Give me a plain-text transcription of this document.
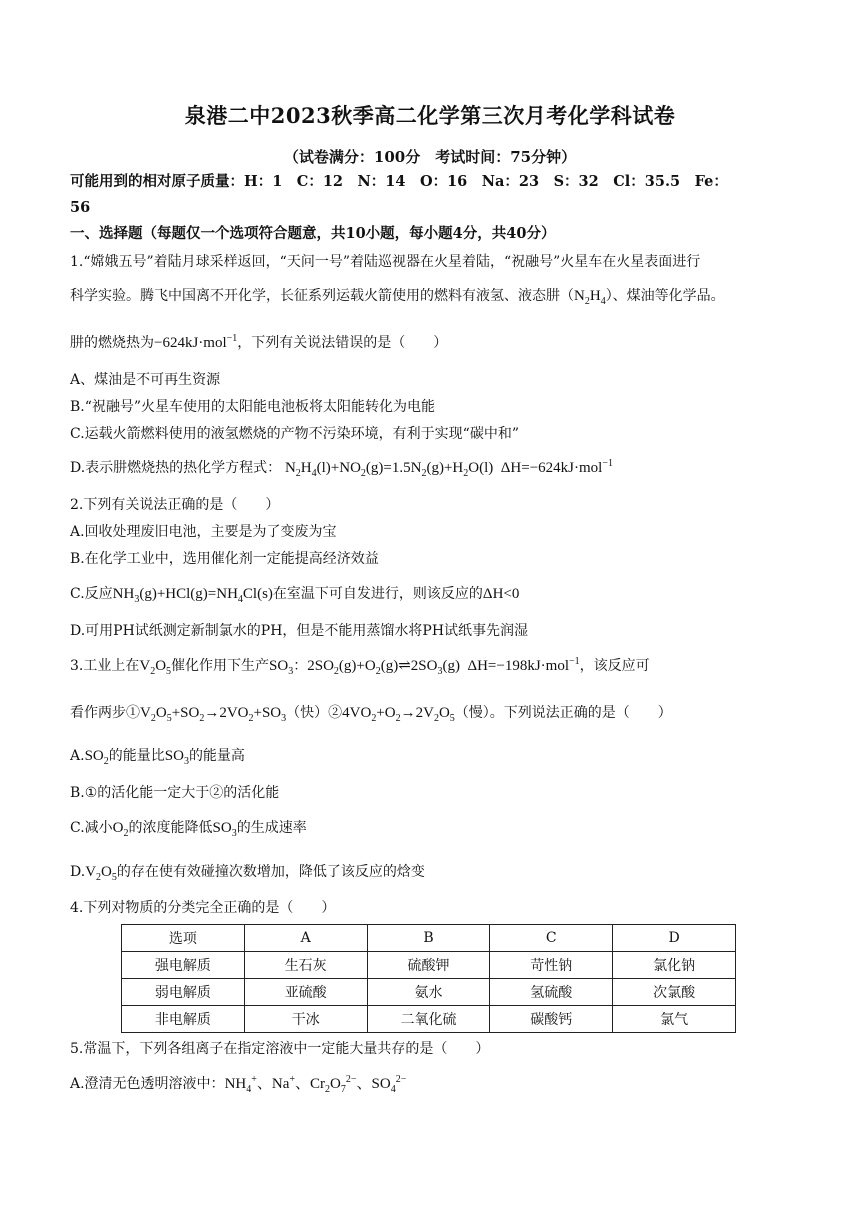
泉港二中2023秋季高二化学第三次月考化学科试卷
（试卷满分：100分　考试时间：75分钟）
可能用到的相对原子质量：H：1　C：12　N：14　O：16　Na：23　S：32　Cl：35.5　Fe：
56
一、选择题（每题仅一个选项符合题意，共10小题，每小题4分，共40分）
1.“嫦娥五号”着陆月球采样返回，“天问一号”着陆巡视器在火星着陆，“祝融号”火星车在火星表面进行
科学实验。腾飞中国离不开化学，长征系列运载火箭使用的燃料有液氢、液态肼$(N_2H_4)$、煤油等化学品。
肼的燃烧热为−624kJ·mol$^{-1}$，下列有关说法错误的是（　　）
A、煤油是不可再生资源
B.“祝融号”火星车使用的太阳能电池板将太阳能转化为电能
C.运载火箭燃料使用的液氢燃烧的产物不污染环境，有利于实现“碳中和”
D.表示肼燃烧热的热化学方程式： $N_2H_4(l)+NO_2(g)=1.5N_2(g)+H_2O(l)$  ΔH=−624kJ·mol$^{-1}$
2.下列有关说法正确的是（　　）
A.回收处理废旧电池，主要是为了变废为宝
B.在化学工业中，选用催化剂一定能提高经济效益
C.反应$NH_3(g)+HCl(g)=NH_4Cl(s)$在室温下可自发进行，则该反应的ΔH<0
D.可用PH试纸测定新制氯水的PH，但是不能用蒸馏水将PH试纸事先润湿
3.工业上在$V_2O_5$催化作用下生产$SO_3$：$2SO_2(g)+O_2(g)\rightleftharpoons 2SO_3(g)$  ΔH=−198kJ·mol$^{-1}$，该反应可
看作两步$①V_2O_5+SO_2\to 2VO_2+SO_3$（快）$②4VO_2+O_2\to 2V_2O_5$（慢）。下列说法正确的是（　　）
$A.SO_2$的能量比$SO_3$的能量高
B.①的活化能一定大于②的活化能
C.减小$O_2$的浓度能降低$SO_3$的生成速率
$D.V_2O_5$的存在使有效碰撞次数增加，降低了该反应的焓变
4.下列对物质的分类完全正确的是（　　）
选项	A	B	C	D
强电解质	生石灰	硫酸钾	苛性钠	氯化钠
弱电解质	亚硫酸	氨水	氢硫酸	次氯酸
非电解质	干冰	二氧化硫	碳酸钙	氯气
5.常温下，下列各组离子在指定溶液中一定能大量共存的是（　　）
A.澄清无色透明溶液中：$NH_4^+$、Na+、$Cr_2O_7^{2-}$、$SO_4^{2-}$
